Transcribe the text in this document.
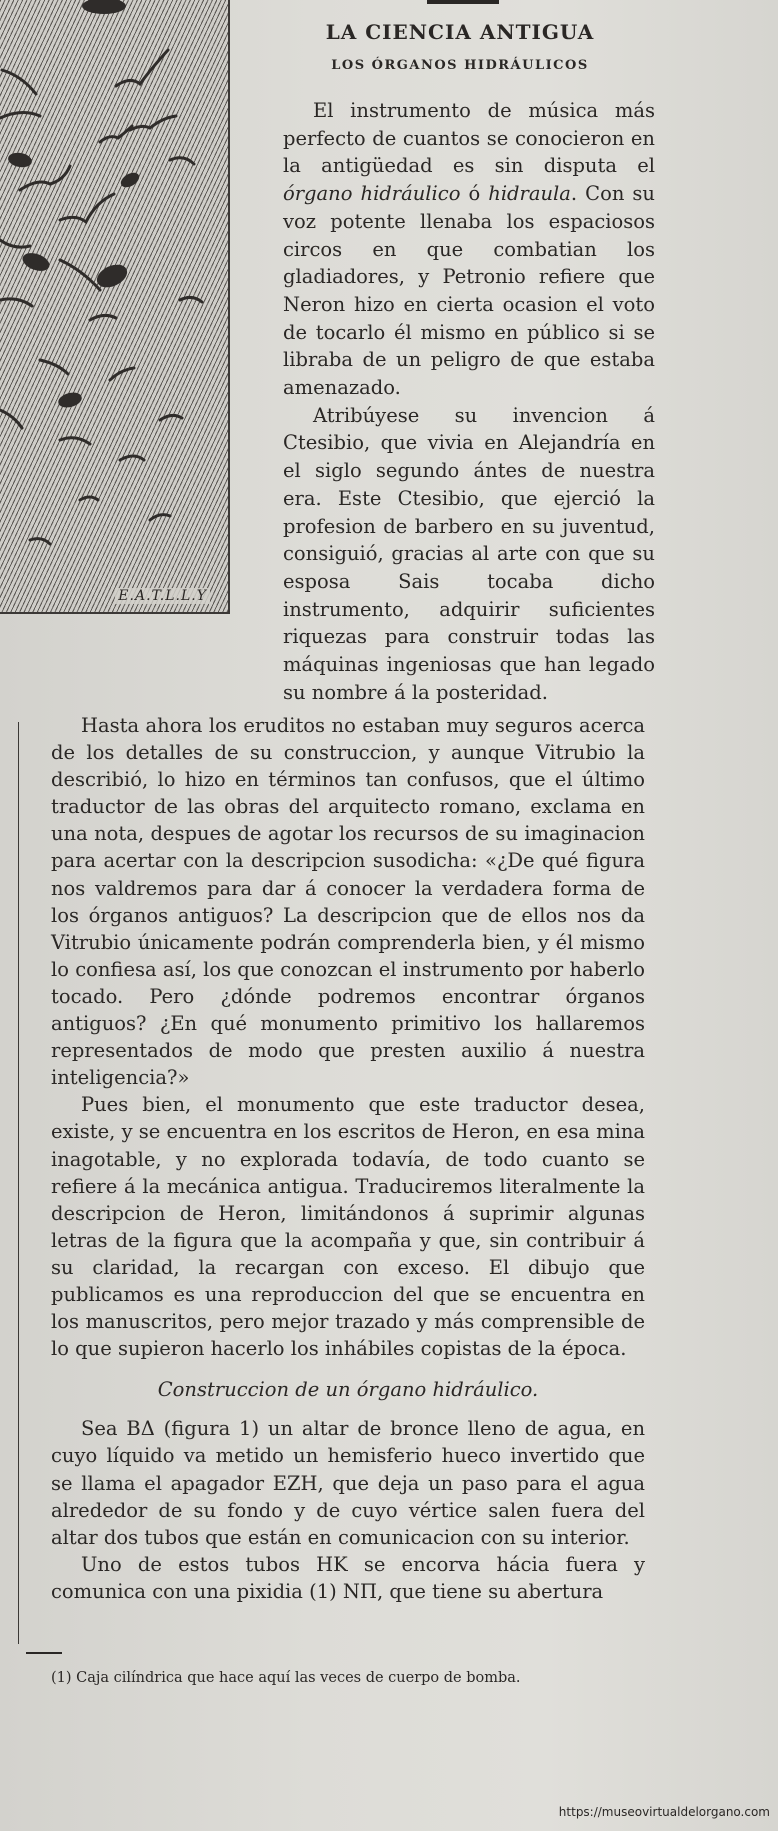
E.A.T.L.L.Y
LA CIENCIA ANTIGUA
LOS ÓRGANOS HIDRÁULICOS

El instrumento de música más perfecto de cuantos se conocieron en la antigüedad es sin disputa el órgano hidráulico ó hidraula. Con su voz potente llenaba los espaciosos circos en que combatian los gladiadores, y Petronio refiere que Neron hizo en cierta ocasion el voto de tocarlo él mismo en público si se libraba de un peligro de que estaba amenazado.

Atribúyese su invencion á Ctesibio, que vivia en Alejandría en el siglo segundo ántes de nuestra era. Este Ctesibio, que ejerció la profesion de barbero en su juventud, consiguió, gracias al arte con que su esposa Sais tocaba dicho instrumento, adquirir suficientes riquezas para construir todas las máquinas ingeniosas que han legado su nombre á la posteridad.

Hasta ahora los eruditos no estaban muy seguros acerca de los detalles de su construccion, y aunque Vitrubio la describió, lo hizo en términos tan confusos, que el último traductor de las obras del arquitecto romano, exclama en una nota, despues de agotar los recursos de su imaginacion para acertar con la descripcion susodicha: «¿De qué figura nos valdremos para dar á conocer la verdadera forma de los órganos antiguos? La descripcion que de ellos nos da Vitrubio únicamente podrán comprenderla bien, y él mismo lo confiesa así, los que conozcan el instrumento por haberlo tocado. Pero ¿dónde podremos encontrar órganos antiguos? ¿En qué monumento primitivo los hallaremos representados de modo que presten auxilio á nuestra inteligencia?»

Pues bien, el monumento que este traductor desea, existe, y se encuentra en los escritos de Heron, en esa mina inagotable, y no explorada todavía, de todo cuanto se refiere á la mecánica antigua. Traduciremos literalmente la descripcion de Heron, limitándonos á suprimir algunas letras de la figura que la acompaña y que, sin contribuir á su claridad, la recargan con exceso. El dibujo que publicamos es una reproduccion del que se encuentra en los manuscritos, pero mejor trazado y más comprensible de lo que supieron hacerlo los inhábiles copistas de la época.

Construccion de un órgano hidráulico.

Sea BΔ (figura 1) un altar de bronce lleno de agua, en cuyo líquido va metido un hemisferio hueco invertido que se llama el apagador EZH, que deja un paso para el agua alrededor de su fondo y de cuyo vértice salen fuera del altar dos tubos que están en comunicacion con su interior.

Uno de estos tubos HK se encorva hácia fuera y comunica con una pixidia (1) NΠ, que tiene su abertura

(1) Caja cilíndrica que hace aquí las veces de cuerpo de bomba.

https://museovirtualdelorgano.com
